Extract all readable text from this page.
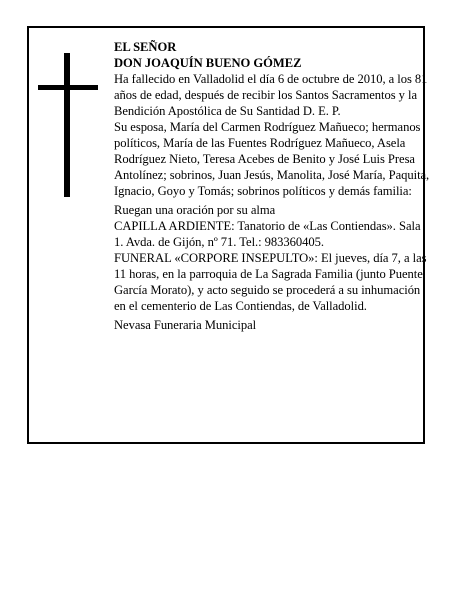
EL SEÑOR

DON JOAQUÍN BUENO GÓMEZ

Ha fallecido en Valladolid el día 6 de octubre de 2010, a los 81 años de edad, después de recibir los Santos Sacramentos y la Bendición Apostólica de Su Santidad D. E. P.

Su esposa, María del Carmen Rodríguez Mañueco; hermanos políticos, María de las Fuentes Rodríguez Mañueco, Asela Rodríguez Nieto, Teresa Acebes de Benito y José Luis Presa Antolínez; sobrinos, Juan Jesús, Manolita, José María, Paquita, Ignacio, Goyo y Tomás; sobrinos políticos y demás familia:

Ruegan una oración por su alma

CAPILLA ARDIENTE: Tanatorio de «Las Contiendas». Sala 1. Avda. de Gijón, nº 71. Tel.: 983360405.

FUNERAL «CORPORE INSEPULTO»: El jueves, día 7, a las 11 horas, en la parroquia de La Sagrada Familia (junto Puente García Morato), y acto seguido se procederá a su inhumación en el cementerio de Las Contiendas, de Valladolid.

Nevasa Funeraria Municipal
